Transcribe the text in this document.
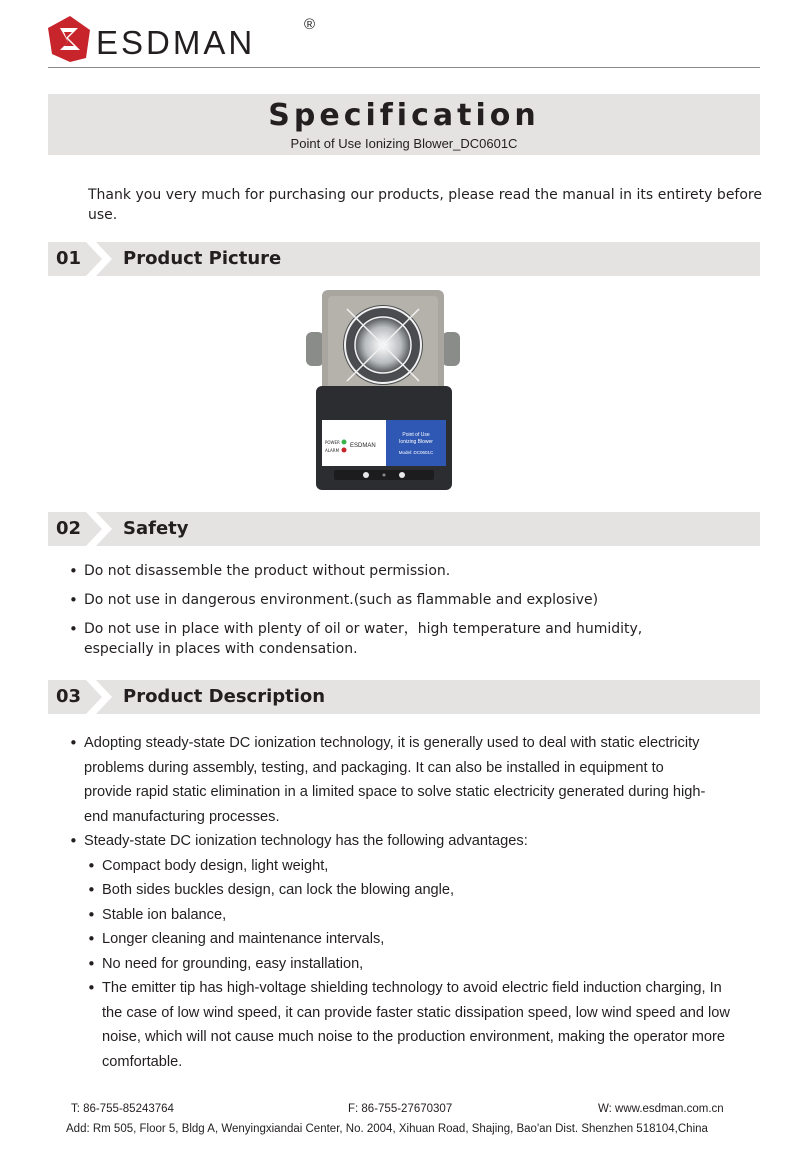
ESDMAN	®
Specification
Point of Use Ionizing Blower_DC0601C
Thank you very much for purchasing our products, please read the manual in its entirety before use.
01 Product Picture
POWER
ALARM
ESDMAN
Point of Use
Ionizing Blower
Model: DC0601C
02 Safety
• Do not disassemble the product without permission.
• Do not use in dangerous environment.(such as flammable and explosive)
• Do not use in place with plenty of oil or water，high temperature and humidity, especially in places with condensation.
03 Product Description
• Adopting steady-state DC ionization technology, it is generally used to deal with static electricity problems during assembly, testing, and packaging. It can also be installed in equipment to provide rapid static elimination in a limited space to solve static electricity generated during high-end manufacturing processes.
• Steady-state DC ionization technology has the following advantages:
• Compact body design, light weight,
• Both sides buckles design, can lock the blowing angle,
• Stable ion balance,
• Longer cleaning and maintenance intervals,
• No need for grounding, easy installation,
• The emitter tip has high-voltage shielding technology to avoid electric field induction charging, In the case of low wind speed, it can provide faster static dissipation speed, low wind speed and low noise, which will not cause much noise to the production environment, making the operator more comfortable.
T: 86-755-85243764	F: 86-755-27670307	W: www.esdman.com.cn
Add: Rm 505, Floor 5, Bldg A, Wenyingxiandai Center, No. 2004, Xihuan Road, Shajing, Bao'an Dist. Shenzhen 518104,China
